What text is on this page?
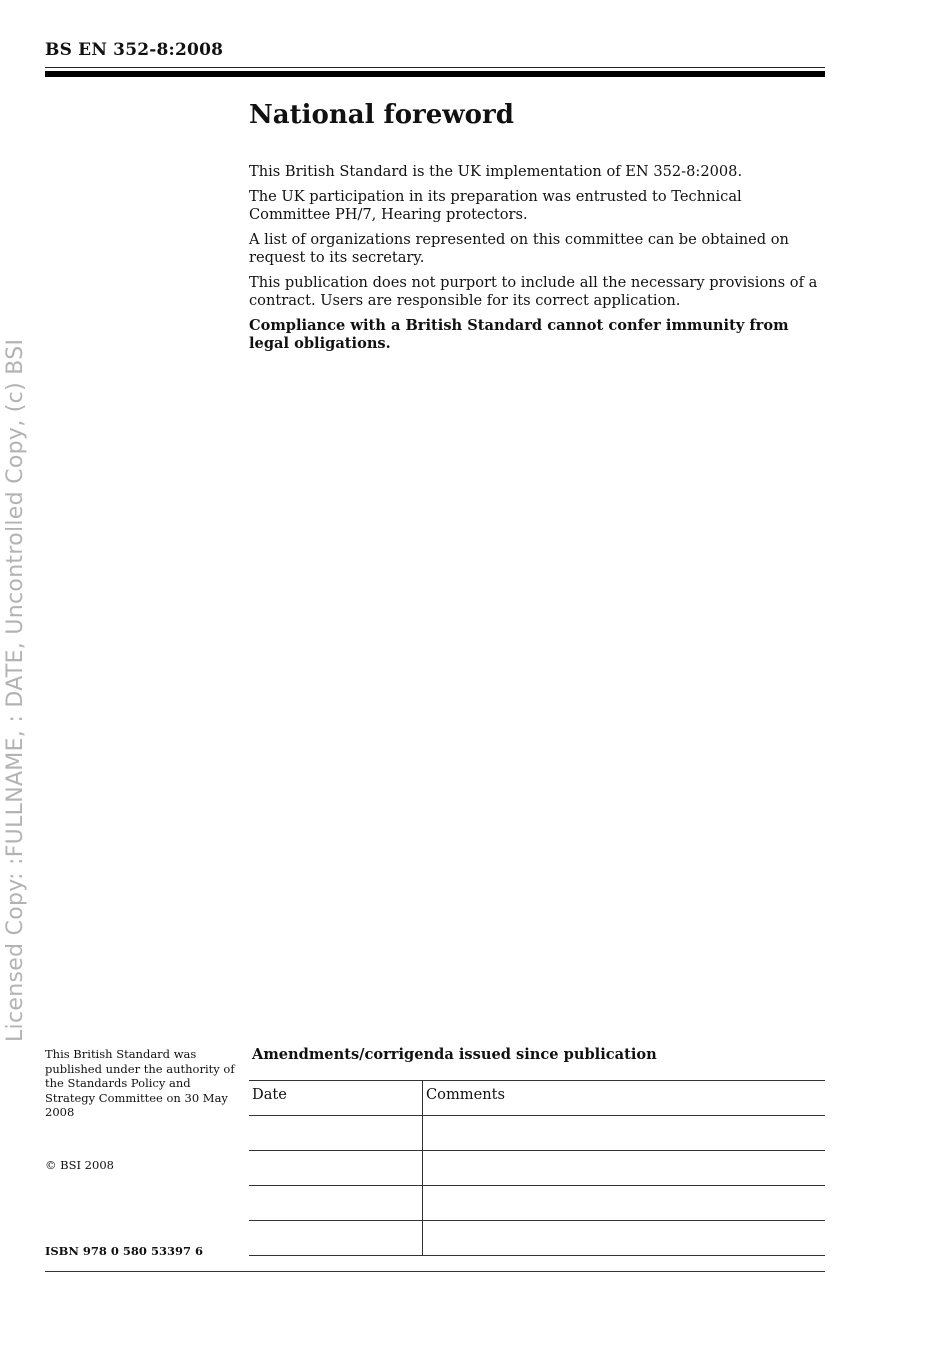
BS EN 352-8:2008
National foreword

This British Standard is the UK implementation of EN 352-8:2008.

The UK participation in its preparation was entrusted to Technical Committee PH/7, Hearing protectors.

A list of organizations represented on this committee can be obtained on request to its secretary.

This publication does not purport to include all the necessary provisions of a contract. Users are responsible for its correct application.

Compliance with a British Standard cannot confer immunity from legal obligations.

Licensed Copy: :FULLNAME, : DATE, Uncontrolled Copy, (c) BSI
This British Standard was published under the authority of the Standards Policy and Strategy Committee on 30 May 2008
© BSI 2008
ISBN 978 0 580 53397 6
Amendments/corrigenda issued since publication
Date	Comments
